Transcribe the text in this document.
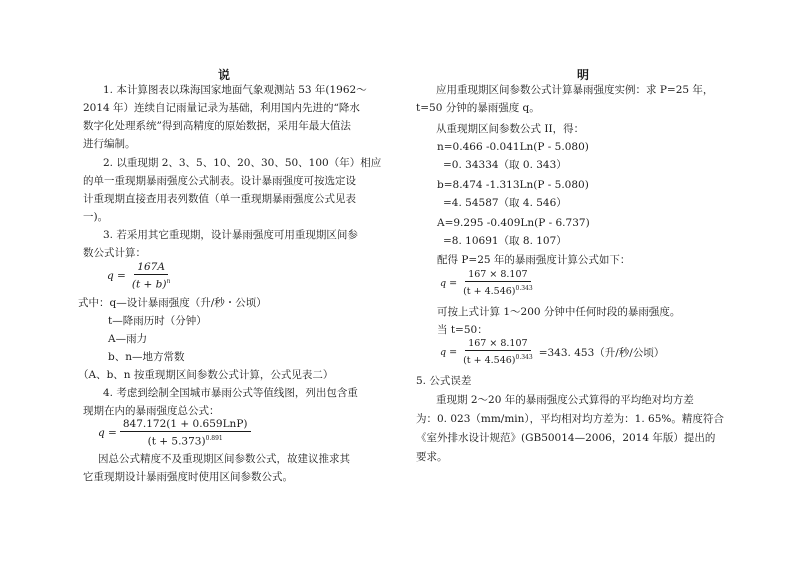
说	明
1. 本计算图表以珠海国家地面气象观测站 53 年(1962～
2014 年）连续自记雨量记录为基础，利用国内先进的“降水
数字化处理系统”得到高精度的原始数据，采用年最大值法
进行编制。
2. 以重现期 2、3、5、10、20、30、50、100（年）相应
的单一重现期暴雨强度公式制表。设计暴雨强度可按选定设
计重现期直接查用表列数值（单一重现期暴雨强度公式见表
一)。
3. 若采用其它重现期，设计暴雨强度可用重现期区间参
数公式计算：
$q = \frac{167A}{(t + b)^n}$
式中：q—设计暴雨强度（升/秒・公顷）
t—降雨历时（分钟）
A—雨力
b、n—地方常数
（A、b、n 按重现期区间参数公式计算，公式见表二）
4. 考虑到绘制全国城市暴雨公式等值线图，列出包含重
现期在内的暴雨强度总公式：
$q = \frac{\text{847.172(1 + 0.659LnP)}}{(t + 5.373)^{0.891}}$
因总公式精度不及重现期区间参数公式，故建议推求其
它重现期设计暴雨强度时使用区间参数公式。
应用重现期区间参数公式计算暴雨强度实例：求 P=25 年，
t=50 分钟的暴雨强度 q。
从重现期区间参数公式 II，得：
n=0.466 -0.041Ln(P - 5.080)
=0. 34334（取 0. 343）
b=8.474 -1.313Ln(P - 5.080)
=4. 54587（取 4. 546）
A=9.295 -0.409Ln(P - 6.737)
=8. 10691（取 8. 107）
配得 P=25 年的暴雨强度计算公式如下：
$q = \frac{167 \times 8.107}{(t + 4.546)^{0.343}}$
可按上式计算 1～200 分钟中任何时段的暴雨强度。
当 t=50：
$q = \frac{167 \times 8.107}{(t + 4.546)^{0.343}} =343$. 453（升/秒/公顷）
5. 公式误差
重现期 2～20 年的暴雨强度公式算得的平均绝对均方差
为：0. 023（mm/min），平均相对均方差为：1. 65%。精度符合
《室外排水设计规范》(GB50014—2006，2014 年版）提出的
要求。
